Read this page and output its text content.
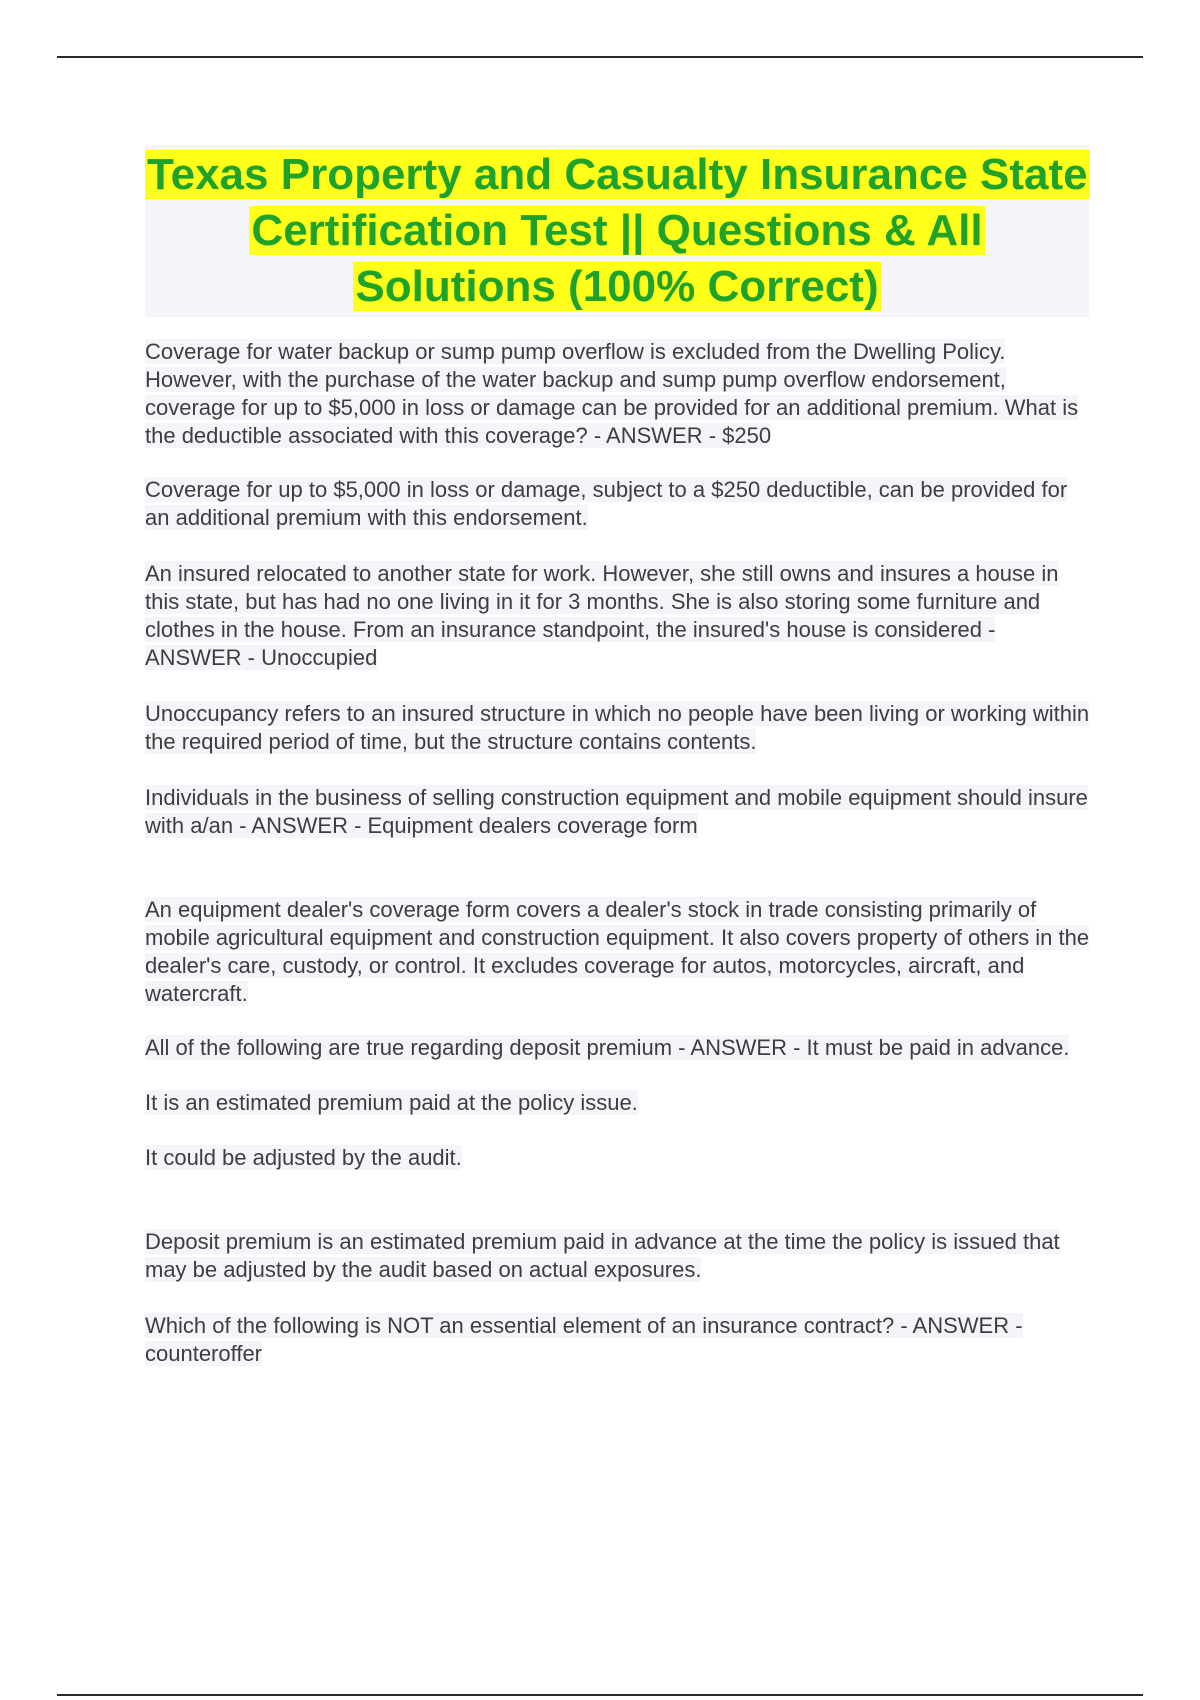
Texas Property and Casualty Insurance State Certification Test || Questions & All Solutions (100% Correct)

Coverage for water backup or sump pump overflow is excluded from the Dwelling Policy. However, with the purchase of the water backup and sump pump overflow endorsement, coverage for up to $5,000 in loss or damage can be provided for an additional premium. What is the deductible associated with this coverage? - ANSWER - $250

Coverage for up to $5,000 in loss or damage, subject to a $250 deductible, can be provided for an additional premium with this endorsement.

An insured relocated to another state for work. However, she still owns and insures a house in this state, but has had no one living in it for 3 months. She is also storing some furniture and clothes in the house. From an insurance standpoint, the insured's house is considered - ANSWER - Unoccupied

Unoccupancy refers to an insured structure in which no people have been living or working within the required period of time, but the structure contains contents.

Individuals in the business of selling construction equipment and mobile equipment should insure with a/an - ANSWER - Equipment dealers coverage form

An equipment dealer's coverage form covers a dealer's stock in trade consisting primarily of mobile agricultural equipment and construction equipment. It also covers property of others in the dealer's care, custody, or control. It excludes coverage for autos, motorcycles, aircraft, and watercraft.

All of the following are true regarding deposit premium - ANSWER - It must be paid in advance.

It is an estimated premium paid at the policy issue.

It could be adjusted by the audit.

Deposit premium is an estimated premium paid in advance at the time the policy is issued that may be adjusted by the audit based on actual exposures.

Which of the following is NOT an essential element of an insurance contract? - ANSWER - counteroffer
